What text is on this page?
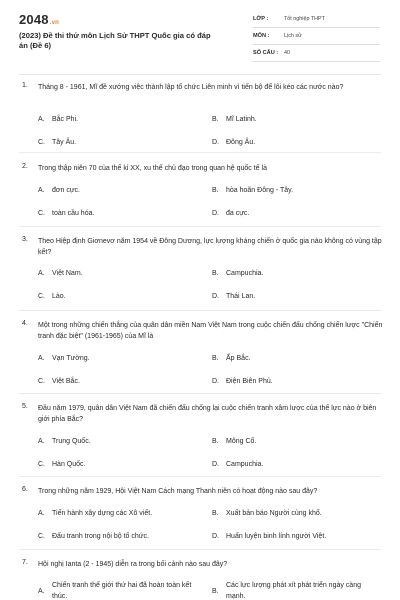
2048.vn
(2023) Đề thi thử môn Lịch Sử THPT Quốc gia có đáp án (Đề 6)
LỚP :	Tốt nghiệp THPT
MÔN :	Lịch sử
SỐ CÂU : 40
1. Tháng 8 - 1961, Mĩ đề xướng việc thành lập tổ chức Liên minh vì tiến bộ để lôi kéo các nước nào?
A. Bắc Phi.	B. Mĩ Latinh.
C. Tây Âu.	D. Đông Âu.
2. Trong thập niên 70 của thế kỉ XX, xu thế chủ đạo trong quan hệ quốc tế là
A. đơn cực.	B. hòa hoãn Đông - Tây.
C. toàn cầu hóa.	D. đa cực.
3. Theo Hiệp định Giơnevơ năm 1954 về Đông Dương, lực lượng kháng chiến ở quốc gia nào không có vùng tập kết?
A. Việt Nam.	B. Campuchia.
C. Lào.	D. Thái Lan.
4. Một trong những chiến thắng của quân dân miền Nam Việt Nam trong cuộc chiến đấu chống chiến lược "Chiến tranh đặc biệt" (1961-1965) của Mĩ là
A. Vạn Tường.	B. Ấp Bắc.
C. Việt Bắc.	D. Điện Biên Phủ.
5. Đầu năm 1979, quân dân Việt Nam đã chiến đấu chống lại cuộc chiến tranh xâm lược của thế lực nào ở biên giới phía Bắc?
A. Trung Quốc.	B. Mông Cổ.
C. Hàn Quốc.	D. Campuchia.
6. Trong những năm 1929, Hội Việt Nam Cách mạng Thanh niên có hoạt động nào sau đây?
A. Tiến hành xây dựng các Xô viết.	B. Xuất bản báo Người cùng khổ.
C. Đấu tranh trong nội bộ tổ chức.	D. Huấn luyện binh lính người Việt.
7. Hội nghị Ianta (2 - 1945) diễn ra trong bối cảnh nào sau đây?
A.
Chiến tranh thế giới thứ hai đã hoàn toàn kết thúc.
B.
Các lực lượng phát xít phát triển ngày càng mạnh.
